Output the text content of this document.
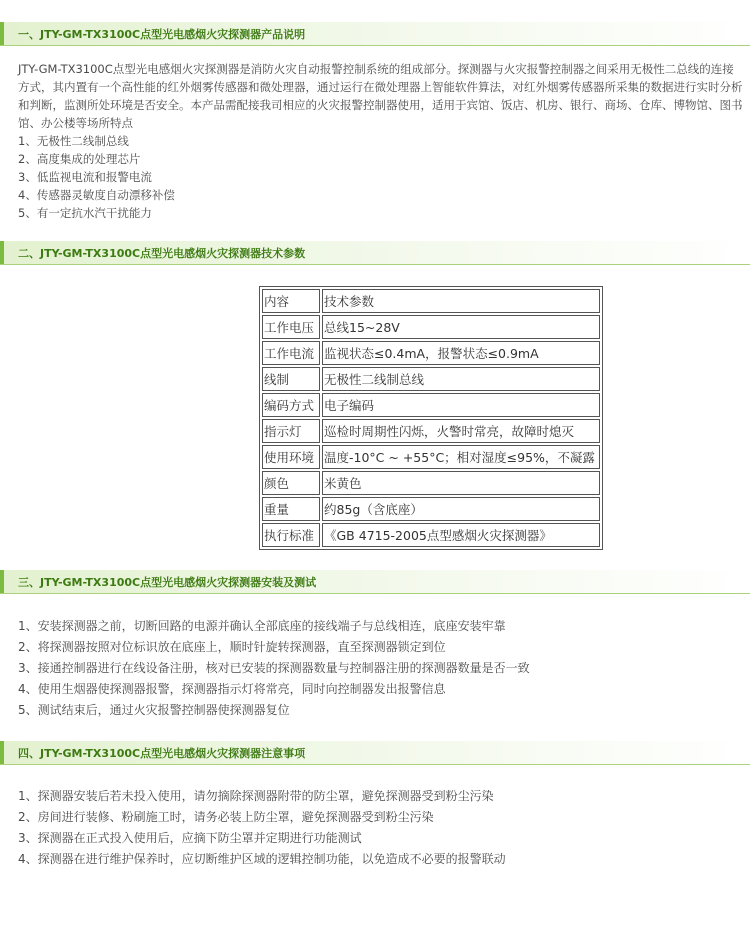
一、JTY-GM-TX3100C点型光电感烟火灾探测器产品说明
JTY-GM-TX3100C点型光电感烟火灾探测器是消防火灾自动报警控制系统的组成部分。探测器与火灾报警控制器之间采用无极性二总线的连接方式，其内置有一个高性能的红外烟雾传感器和微处理器，通过运行在微处理器上智能软件算法，对红外烟雾传感器所采集的数据进行实时分析和判断，监测所处环境是否安全。本产品需配接我司相应的火灾报警控制器使用，适用于宾馆、饭店、机房、银行、商场、仓库、博物馆、图书馆、办公楼等场所特点
1、无极性二线制总线
2、高度集成的处理芯片
3、低监视电流和报警电流
4、传感器灵敏度自动漂移补偿
5、有一定抗水汽干扰能力
二、JTY-GM-TX3100C点型光电感烟火灾探测器技术参数
内容	技术参数
工作电压	总线15~28V
工作电流	监视状态≤0.4mA，报警状态≤0.9mA
线制	无极性二线制总线
编码方式	电子编码
指示灯	巡检时周期性闪烁，火警时常亮，故障时熄灭
使用环境	温度-10°C ~ +55°C；相对湿度≤95%，不凝露
颜色	米黄色
重量	约85g（含底座）
执行标准	《GB 4715-2005点型感烟火灾探测器》
三、JTY-GM-TX3100C点型光电感烟火灾探测器安装及测试
1、安装探测器之前，切断回路的电源并确认全部底座的接线端子与总线相连，底座安装牢靠
2、将探测器按照对位标识放在底座上，顺时针旋转探测器，直至探测器锁定到位
3、接通控制器进行在线设备注册，核对已安装的探测器数量与控制器注册的探测器数量是否一致
4、使用生烟器使探测器报警，探测器指示灯将常亮，同时向控制器发出报警信息
5、测试结束后，通过火灾报警控制器使探测器复位
四、JTY-GM-TX3100C点型光电感烟火灾探测器注意事项
1、探测器安装后若未投入使用，请勿摘除探测器附带的防尘罩，避免探测器受到粉尘污染
2、房间进行装修、粉刷施工时，请务必装上防尘罩，避免探测器受到粉尘污染
3、探测器在正式投入使用后，应摘下防尘罩并定期进行功能测试
4、探测器在进行维护保养时，应切断维护区域的逻辑控制功能，以免造成不必要的报警联动
